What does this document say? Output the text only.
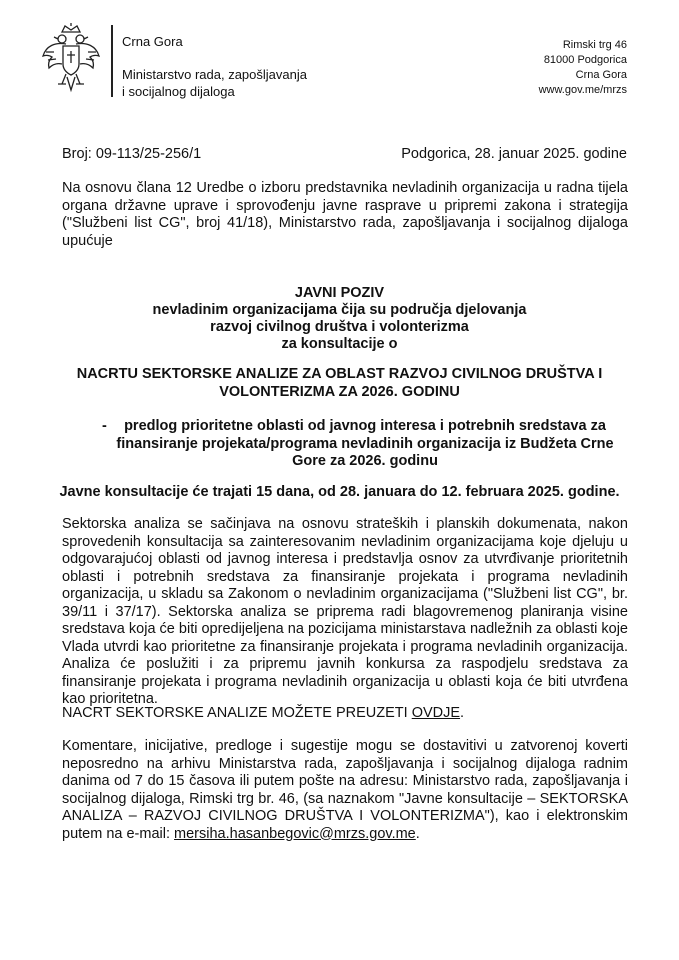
Crna Gora
Ministarstvo rada, zapošljavanja
i socijalnog dijaloga
Rimski trg 46
81000 Podgorica
Crna Gora
www.gov.me/mrzs
Broj: 09-113/25-256/1	Podgorica, 28. januar 2025. godine

Na osnovu člana 12 Uredbe o izboru predstavnika nevladinih organizacija u radna tijela organa državne uprave i sprovođenju javne rasprave u pripremi zakona i strategija ("Službeni list CG", broj 41/18), Ministarstvo rada, zapošljavanja i socijalnog dijaloga upućuje

JAVNI POZIV
nevladinim organizacijama čija su područja djelovanja
razvoj civilnog društva i volonterizma
za konsultacije o
NACRTU SEKTORSKE ANALIZE ZA OBLAST RAZVOJ CIVILNOG DRUŠTVA I
VOLONTERIZMA ZA 2026. GODINU
-	predlog prioritetne oblasti od javnog interesa i potrebnih sredstava za
finansiranje projekata/programa nevladinih organizacija iz Budžeta Crne
Gore za 2026. godinu
Javne konsultacije će trajati 15 dana, od 28. januara do 12. februara 2025. godine.

Sektorska analiza se sačinjava na osnovu strateških i planskih dokumenata, nakon sprovedenih konsultacija sa zainteresovanim nevladinim organizacijama koje djeluju u odgovarajućoj oblasti od javnog interesa i predstavlja osnov za utvrđivanje prioritetnih oblasti i potrebnih sredstava za finansiranje projekata i programa nevladinih organizacija, u skladu sa Zakonom o nevladinim organizacijama ("Službeni list CG", br. 39/11 i 37/17). Sektorska analiza se priprema radi blagovremenog planiranja visine sredstava koja će biti opredijeljena na pozicijama ministarstava nadležnih za oblasti koje Vlada utvrdi kao prioritetne za finansiranje projekata i programa nevladinih organizacija. Analiza će poslužiti i za pripremu javnih konkursa za raspodjelu sredstava za finansiranje projekata i programa nevladinih organizacija u oblasti koja će biti utvrđena kao prioritetna.

NACRT SEKTORSKE ANALIZE MOŽETE PREUZETI OVDJE.

Komentare, inicijative, predloge i sugestije mogu se dostavitivi u zatvorenoj koverti neposredno na arhivu Ministarstva rada, zapošljavanja i socijalnog dijaloga radnim danima od 7 do 15 časova ili putem pošte na adresu: Ministarstvo rada, zapošljavanja i socijalnog dijaloga, Rimski trg br. 46, (sa naznakom "Javne konsultacije – SEKTORSKA ANALIZA – RAZVOJ CIVILNOG DRUŠTVA I VOLONTERIZMA"), kao i elektronskim putem na e-mail: mersiha.hasanbegovic@mrzs.gov.me.
